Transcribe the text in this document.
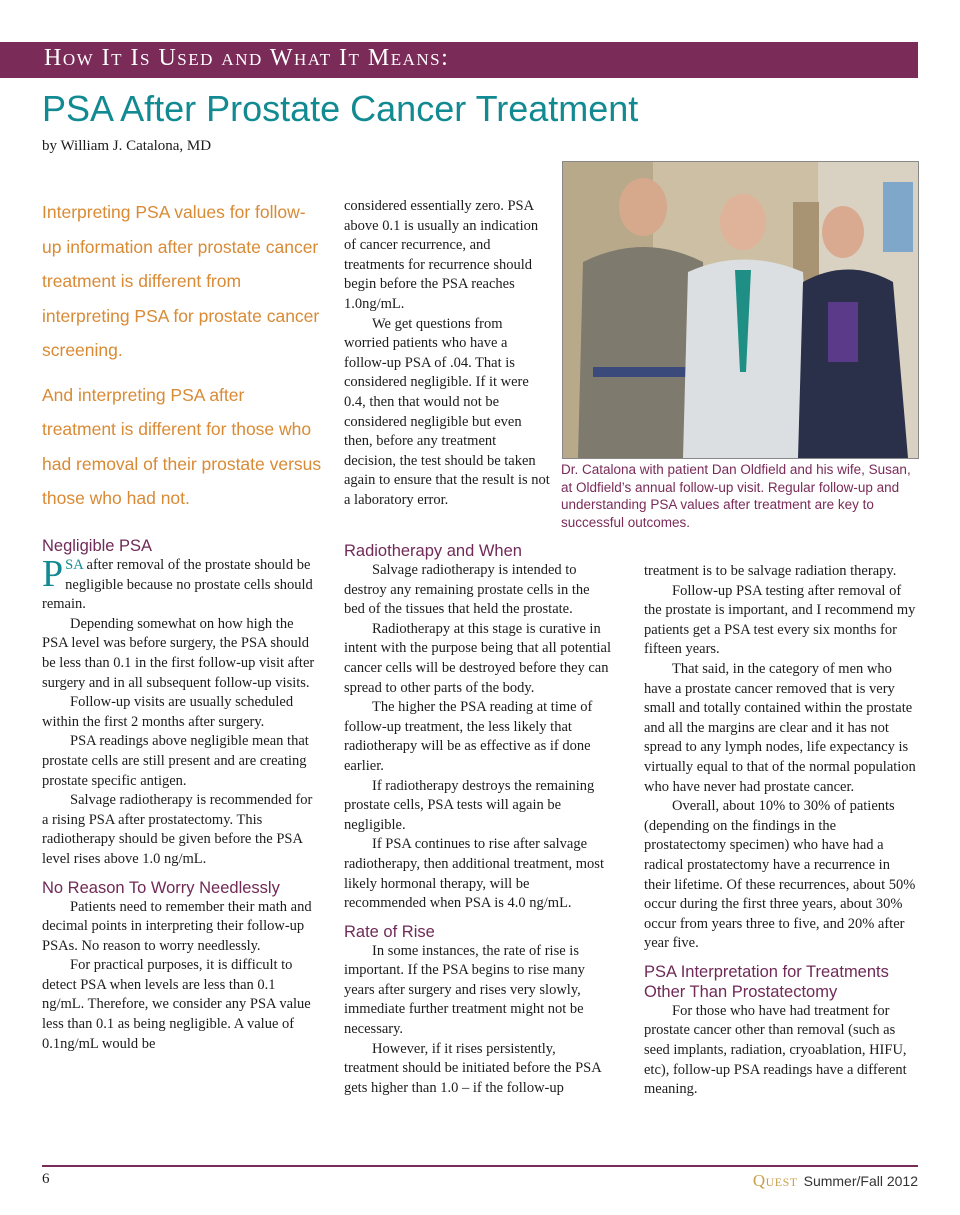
How It Is Used and What It Means:
PSA After Prostate Cancer Treatment
by William J. Catalona, MD

Interpreting PSA values for follow-up information after prostate cancer treatment is different from interpreting PSA for prostate cancer screening.

And interpreting PSA after treatment is different for those who had removal of their prostate versus those who had not.

Negligible PSA

PSA after removal of the prostate should be negligible because no prostate cells should remain.

Depending somewhat on how high the PSA level was before surgery, the PSA should be less than 0.1 in the first follow-up visit after surgery and in all subsequent follow-up visits.

Follow-up visits are usually scheduled within the first 2 months after surgery.

PSA readings above negligible mean that prostate cells are still present and are creating prostate specific antigen.

Salvage radiotherapy is recommended for a rising PSA after prostatectomy. This radiotherapy should be given before the PSA level rises above 1.0 ng/mL.

No Reason To Worry Needlessly

Patients need to remember their math and decimal points in interpreting their follow-up PSAs. No reason to worry needlessly.

For practical purposes, it is difficult to detect PSA when levels are less than 0.1 ng/mL. Therefore, we consider any PSA value less than 0.1 as being negligible. A value of 0.1ng/mL would be

considered essentially zero. PSA above 0.1 is usually an indication of cancer recurrence, and treatments for recurrence should begin before the PSA reaches 1.0ng/mL.

We get questions from worried patients who have a follow-up PSA of .04. That is considered negligible. If it were 0.4, then that would not be considered negligible but even then, before any treatment decision, the test should be taken again to ensure that the result is not a laboratory error.

Dr. Catalona with patient Dan Oldfield and his wife, Susan, at Oldfield’s annual follow-up visit. Regular follow-up and understanding PSA values after treatment are key to successful outcomes.
Radiotherapy and When

Salvage radiotherapy is intended to destroy any remaining prostate cells in the bed of the tissues that held the prostate.

Radiotherapy at this stage is curative in intent with the purpose being that all potential cancer cells will be destroyed before they can spread to other parts of the body.

The higher the PSA reading at time of follow-up treatment, the less likely that radiotherapy will be as effective as if done earlier.

If radiotherapy destroys the remaining prostate cells, PSA tests will again be negligible.

If PSA continues to rise after salvage radiotherapy, then additional treatment, most likely hormonal therapy, will be recommended when PSA is 4.0 ng/mL.

Rate of Rise

In some instances, the rate of rise is important. If the PSA begins to rise many years after surgery and rises very slowly, immediate further treatment might not be necessary.

However, if it rises persistently, treatment should be initiated before the PSA gets higher than 1.0 – if the follow-up

treatment is to be salvage radiation therapy.

Follow-up PSA testing after removal of the prostate is important, and I recommend my patients get a PSA test every six months for fifteen years.

That said, in the category of men who have a prostate cancer removed that is very small and totally contained within the prostate and all the margins are clear and it has not spread to any lymph nodes, life expectancy is virtually equal to that of the normal population who have never had prostate cancer.

Overall, about 10% to 30% of patients (depending on the findings in the prostatectomy specimen) who have had a radical prostatectomy have a recurrence in their lifetime. Of these recurrences, about 50% occur during the first three years, about 30% occur from years three to five, and 20% after year five.

PSA Interpretation for Treatments Other Than Prostatectomy

For those who have had treatment for prostate cancer other than removal (such as seed implants, radiation, cryoablation, HIFU, etc), follow-up PSA readings have a different meaning.

6	Quest Summer/Fall 2012
